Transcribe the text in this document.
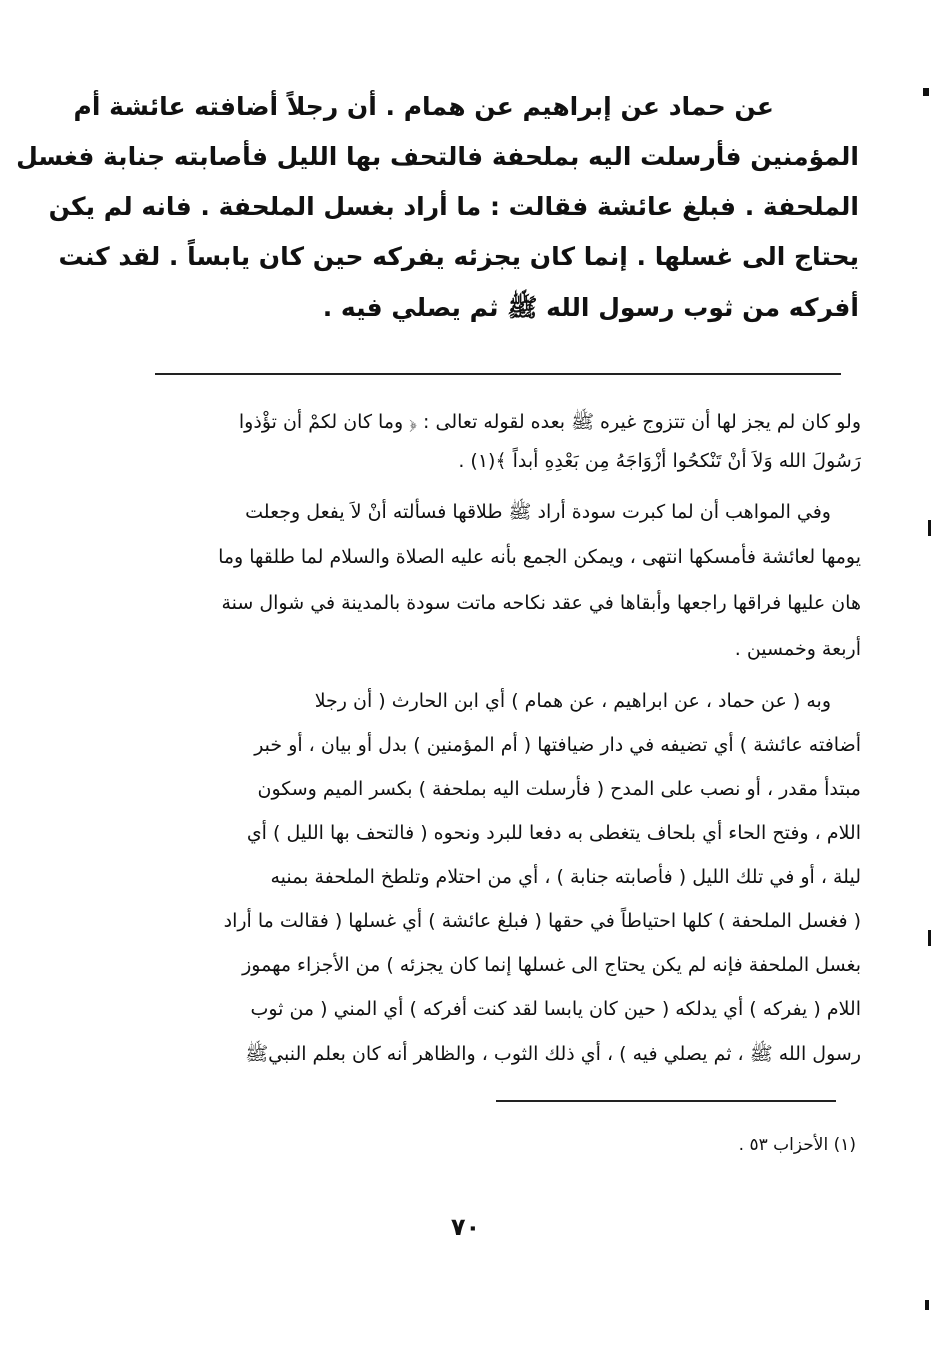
عن حماد عن إبراهيم عن همام . أن رجلاً أضافته عائشة أم
المؤمنين فأرسلت اليه بملحفة فالتحف بها الليل فأصابته جنابة فغسل
الملحفة . فبلغ عائشة فقالت : ما أراد بغسل الملحفة . فانه لم يكن
يحتاج الى غسلها . إنما كان يجزئه يفركه حين كان يابساً . لقد كنت
أفركه من ثوب رسول الله ﷺ ثم يصلي فيه .
ولو كان لم يجز لها أن تتزوج غيره ﷺ بعده لقوله تعالى : ﴿ وما كان لكمْ أن تؤْذوا
رَسُولَ الله وَلاَ أنْ تَنْكحُوا أزْوَاجَهُ مِن بَعْدِهِ أبداً ﴾(١) .
وفي المواهب أن لما كبرت سودة أراد ﷺ طلاقها فسألته أنْ لاَ يفعل وجعلت
يومها لعائشة فأمسكها انتهى ، ويمكن الجمع بأنه عليه الصلاة والسلام لما طلقها وما
هان عليها فراقها راجعها وأبقاها في عقد نكاحه ماتت سودة بالمدينة في شوال سنة
أربعة وخمسين .
وبه ( عن حماد ، عن ابراهيم ، عن همام ) أي ابن الحارث ( أن رجلا
أضافته عائشة ) أي تضيفه في دار ضيافتها ( أم المؤمنين ) بدل أو بيان ، أو خبر
مبتدأ مقدر ، أو نصب على المدح ( فأرسلت اليه بملحفة ) بكسر الميم وسكون
اللام ، وفتح الحاء أي بلحاف يتغطى به دفعا للبرد ونحوه ( فالتحف بها الليل ) أي
ليلة ، أو في تلك الليل ( فأصابته جنابة ) ، أي من احتلام وتلطخ الملحفة بمنيه
( فغسل الملحفة ) كلها احتياطاً في حقها ( فبلغ عائشة ) أي غسلها ( فقالت ما أراد
بغسل الملحفة فإنه لم يكن يحتاج الى غسلها إنما كان يجزئه ) من الأجزاء مهموز
اللام ( يفركه ) أي يدلكه ( حين كان يابسا لقد كنت أفركه ) أي المني ( من ثوب
رسول الله ﷺ ، ثم يصلي فيه ) ، أي ذلك الثوب ، والظاهر أنه كان بعلم النبيﷺ
(١) الأحزاب ٥٣ .
٧٠
